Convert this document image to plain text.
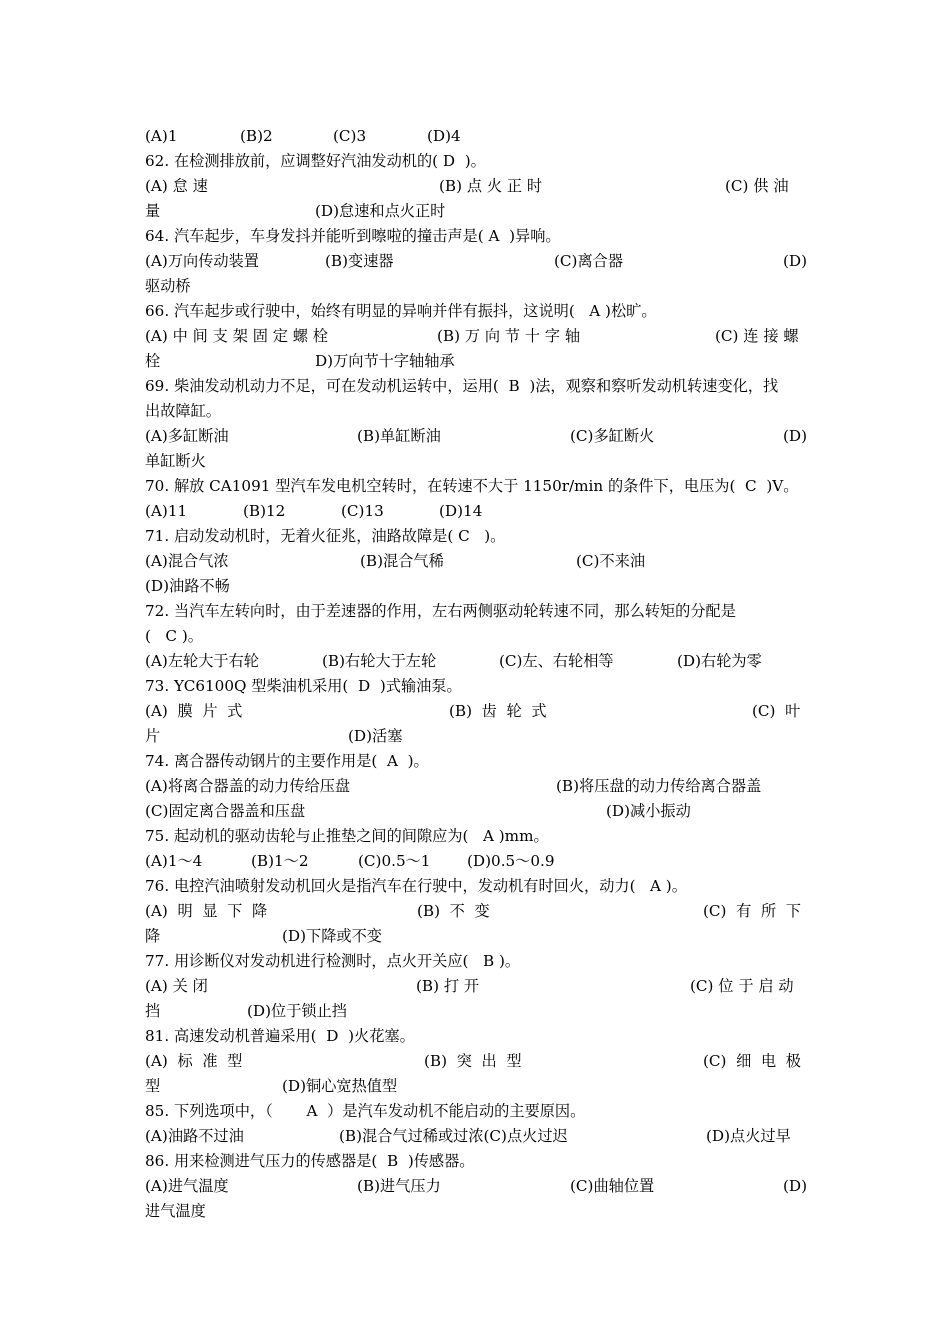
(A)1	(B)2	(C)3	(D)4
62. 在检测排放前，应调整好汽油发动机的( D  )。
(A) 怠 速	(B) 点 火 正 时	(C) 供 油
量	(D)怠速和点火正时
64. 汽车起步，车身发抖并能听到嚓啦的撞击声是( A  )异响。
(A)万向传动装置	(B)变速器	(C)离合器	(D)
驱动桥
66. 汽车起步或行驶中，始终有明显的异响并伴有振抖，这说明(   A )松旷。
(A) 中 间 支 架 固 定 螺 栓	(B) 万 向 节 十 字 轴	(C) 连 接 螺
栓	D)万向节十字轴轴承
69. 柴油发动机动力不足，可在发动机运转中，运用(  B  )法，观察和察听发动机转速变化，找
出故障缸。
(A)多缸断油	(B)单缸断油	(C)多缸断火	(D)
单缸断火
70. 解放 CA1091 型汽车发电机空转时，在转速不大于 1150r/min 的条件下，电压为(  C  )V。
(A)11	(B)12	(C)13	(D)14
71. 启动发动机时，无着火征兆，油路故障是( C   )。
(A)混合气浓	(B)混合气稀	(C)不来油
(D)油路不畅
72. 当汽车左转向时，由于差速器的作用，左右两侧驱动轮转速不同，那么转矩的分配是
(   C )。
(A)左轮大于右轮	(B)右轮大于左轮	(C)左、右轮相等	(D)右轮为零
73. YC6100Q 型柴油机采用(  D  )式输油泵。
(A)  膜  片  式	(B)  齿  轮  式	(C)  叶
片	(D)活塞
74. 离合器传动钢片的主要作用是(  A  )。
(A)将离合器盖的动力传给压盘	(B)将压盘的动力传给离合器盖
(C)固定离合器盖和压盘	(D)减小振动
75. 起动机的驱动齿轮与止推垫之间的间隙应为(   A )mm。
(A)1～4	(B)1～2	(C)0.5～1 (D)0.5～0.9
76. 电控汽油喷射发动机回火是指汽车在行驶中，发动机有时回火，动力(   A )。
(A)  明  显  下  降	(B)  不  变	(C)  有  所  下
降	(D)下降或不变
77. 用诊断仪对发动机进行检测时，点火开关应(   B )。
(A) 关 闭	(B) 打 开	(C) 位 于 启 动
挡	(D)位于锁止挡
81. 高速发动机普遍采用(  D  )火花塞。
(A)  标  准  型	(B)  突  出  型	(C)  细  电  极
型	(D)铜心宽热值型
85. 下列选项中，（       A  ）是汽车发动机不能启动的主要原因。
(A)油路不过油	(B)混合气过稀或过浓(C)点火过迟	(D)点火过早
86. 用来检测进气压力的传感器是(  B  )传感器。
(A)进气温度	(B)进气压力	(C)曲轴位置	(D)
进气温度
